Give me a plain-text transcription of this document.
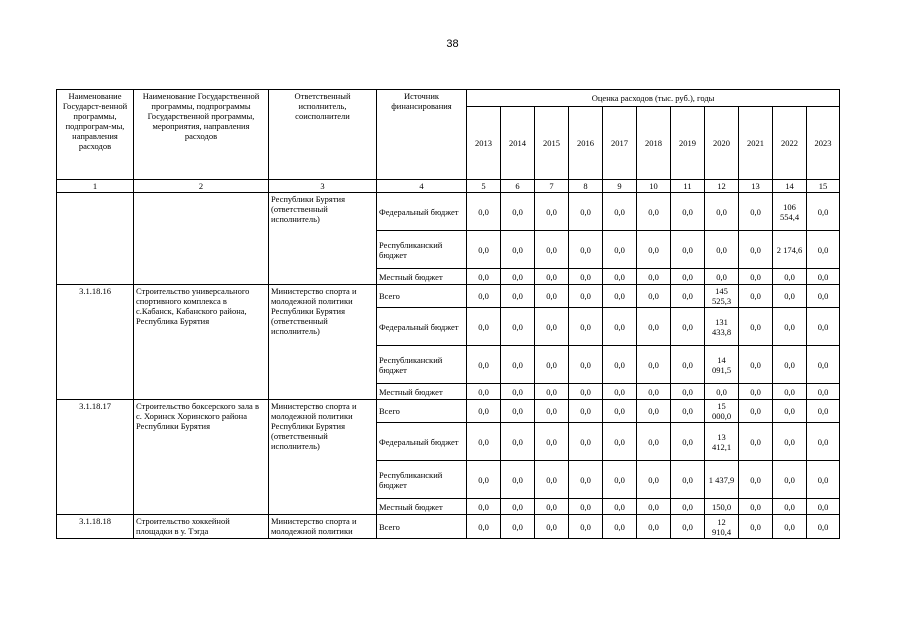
38
Наименование Государст-венной программы, подпрограм-мы, направления расходов	Наименование Государственной программы, подпрограммы Государственной программы, мероприятия, направления расходов	Ответственный исполнитель, соисполнители	Источник финансирования	Оценка расходов (тыс. руб.), годы										
				2013	2014	2015	2016	2017	2018	2019	2020	2021	2022	2023
1	2	3	4	5	6	7	8	9	10	11	12	13	14	15
		Республики Бурятия (ответственный исполнитель)	Федеральный бюджет	0,0	0,0	0,0	0,0	0,0	0,0	0,0	0,0	0,0	106 554,4	0,0
			Республиканский бюджет	0,0	0,0	0,0	0,0	0,0	0,0	0,0	0,0	0,0	2 174,6	0,0
			Местный бюджет	0,0	0,0	0,0	0,0	0,0	0,0	0,0	0,0	0,0	0,0	0,0
3.1.18.16	Строительство универсального спортивного комплекса в с.Кабанск, Кабанского района, Республика Бурятия	Министерство спорта и молодежной политики Республики Бурятия (ответственный исполнитель)	Всего	0,0	0,0	0,0	0,0	0,0	0,0	0,0	145 525,3	0,0	0,0	0,0
			Федеральный бюджет	0,0	0,0	0,0	0,0	0,0	0,0	0,0	131 433,8	0,0	0,0	0,0
			Республиканский бюджет	0,0	0,0	0,0	0,0	0,0	0,0	0,0	14 091,5	0,0	0,0	0,0
			Местный бюджет	0,0	0,0	0,0	0,0	0,0	0,0	0,0	0,0	0,0	0,0	0,0
3.1.18.17	Строительство боксерского зала в с. Хоринск Хоринского района Республики Бурятия	Министерство спорта и молодежной политики Республики Бурятия (ответственный исполнитель)	Всего	0,0	0,0	0,0	0,0	0,0	0,0	0,0	15 000,0	0,0	0,0	0,0
			Федеральный бюджет	0,0	0,0	0,0	0,0	0,0	0,0	0,0	13 412,1	0,0	0,0	0,0
			Республиканский бюджет	0,0	0,0	0,0	0,0	0,0	0,0	0,0	1 437,9	0,0	0,0	0,0
			Местный бюджет	0,0	0,0	0,0	0,0	0,0	0,0	0,0	150,0	0,0	0,0	0,0
3.1.18.18	Строительство хоккейной площадки в у. Тэгда	Министерство спорта и молодежной политики	Всего	0,0	0,0	0,0	0,0	0,0	0,0	0,0	12 910,4	0,0	0,0	0,0
